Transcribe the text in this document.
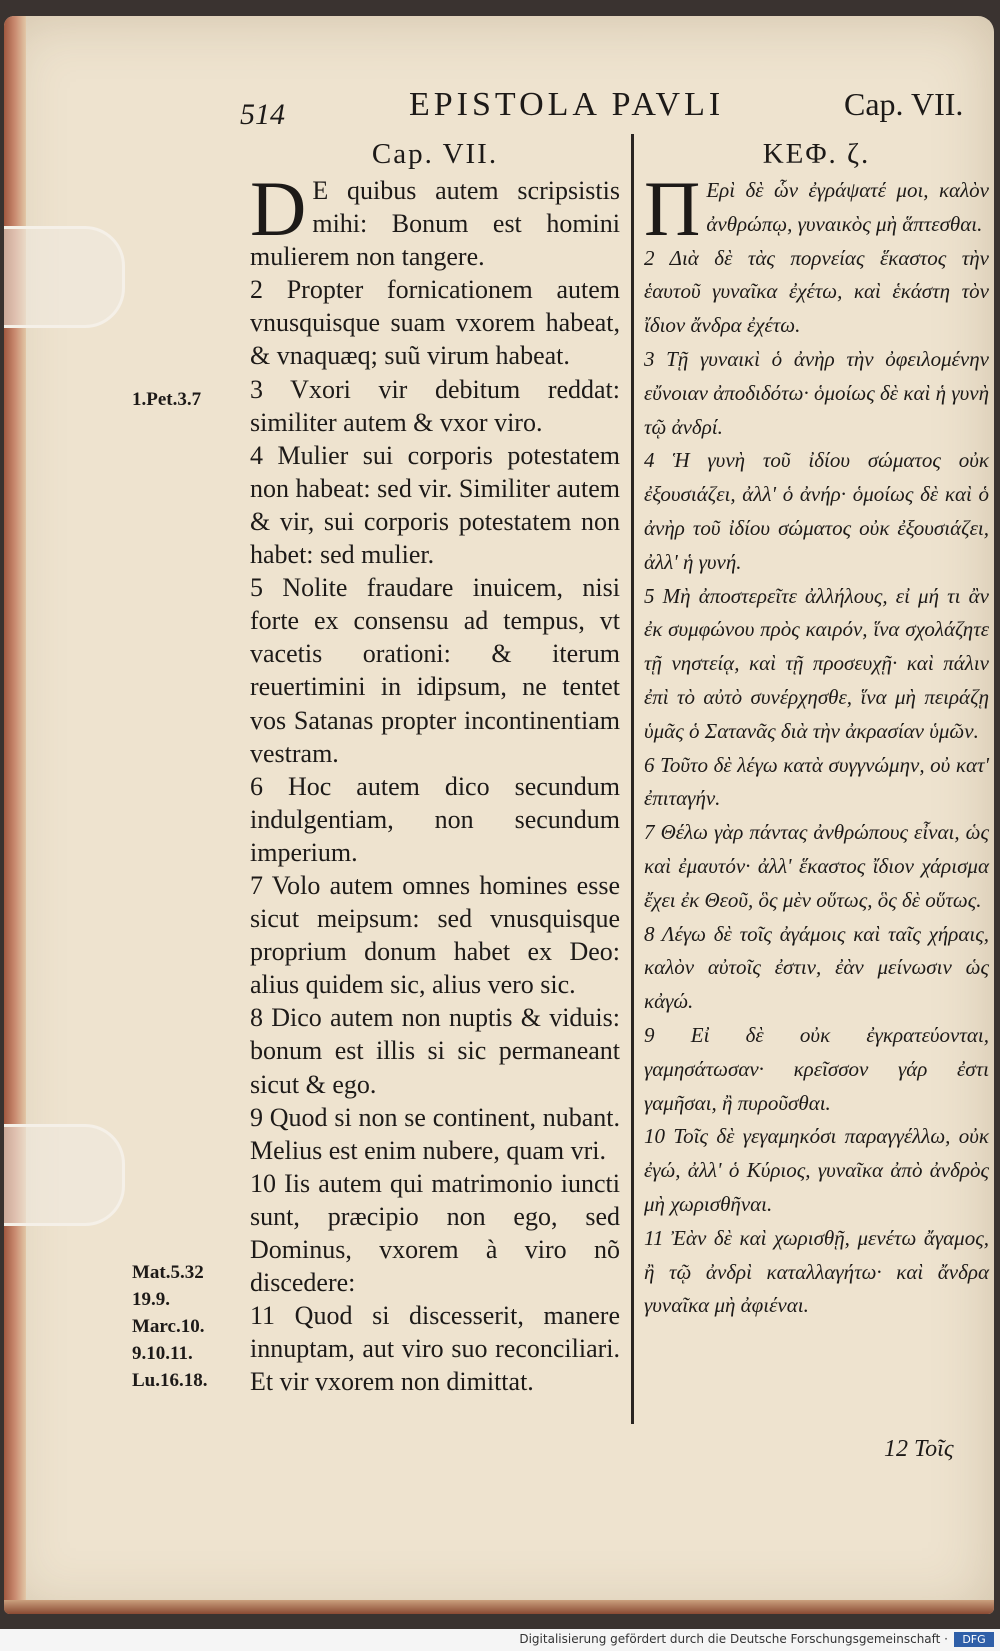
514	EPISTOLA PAVLI	Cap. VII.
Cap. VII.

D E quibus autem scripsistis mihi: Bonum est homini mulierem non tangere.

2 Propter fornicationem autem vnusquisque suam vxorem habeat, & vnaquæq; suũ virum habeat.

3 Vxori vir debitum reddat: similiter autem & vxor viro.

4 Mulier sui corporis potestatem non habeat: sed vir. Similiter autem & vir, sui corporis potestatem non habet: sed mulier.

5 Nolite fraudare inuicem, nisi forte ex consensu ad tempus, vt vacetis orationi: & iterum reuertimini in idipsum, ne tentet vos Satanas propter incontinentiam vestram.

6 Hoc autem dico secundum indulgentiam, non secundum imperium.

7 Volo autem omnes homines esse sicut meipsum: sed vnusquisque proprium donum habet ex Deo: alius quidem sic, alius vero sic.

8 Dico autem non nuptis & viduis: bonum est illis si sic permaneant sicut & ego.

9 Quod si non se continent, nubant. Melius est enim nubere, quam vri.

10 Iis autem qui matrimonio iuncti sunt, præcipio non ego, sed Dominus, vxorem à viro nõ discedere:

11 Quod si discesserit, manere innuptam, aut viro suo reconciliari. Et vir vxorem non dimittat.

ΚΕΦ. ζ.

Π Ερὶ δὲ ὧν ἐγράψατέ μοι, καλὸν ἀνθρώπῳ, γυναικὸς μὴ ἅπτεσθαι.

2 Διὰ δὲ τὰς πορνείας ἕκαστος τὴν ἑαυτοῦ γυναῖκα ἐχέτω, καὶ ἑκάστη τὸν ἴδιον ἄνδρα ἐχέτω.

3 Τῇ γυναικὶ ὁ ἀνὴρ τὴν ὀφειλομένην εὔνοιαν ἀποδιδότω· ὁμοίως δὲ καὶ ἡ γυνὴ τῷ ἀνδρί.

4 Ἡ γυνὴ τοῦ ἰδίου σώματος οὐκ ἐξουσιάζει, ἀλλ' ὁ ἀνήρ· ὁμοίως δὲ καὶ ὁ ἀνὴρ τοῦ ἰδίου σώματος οὐκ ἐξουσιάζει, ἀλλ' ἡ γυνή.

5 Μὴ ἀποστερεῖτε ἀλλήλους, εἰ μή τι ἂν ἐκ συμφώνου πρὸς καιρόν, ἵνα σχολάζητε τῇ νηστείᾳ, καὶ τῇ προσευχῇ· καὶ πάλιν ἐπὶ τὸ αὐτὸ συνέρχησθε, ἵνα μὴ πειράζῃ ὑμᾶς ὁ Σατανᾶς διὰ τὴν ἀκρασίαν ὑμῶν.

6 Τοῦτο δὲ λέγω κατὰ συγγνώμην, οὐ κατ' ἐπιταγήν.

7 Θέλω γὰρ πάντας ἀνθρώπους εἶναι, ὡς καὶ ἐμαυτόν· ἀλλ' ἕκαστος ἴδιον χάρισμα ἔχει ἐκ Θεοῦ, ὃς μὲν οὕτως, ὃς δὲ οὕτως.

8 Λέγω δὲ τοῖς ἀγάμοις καὶ ταῖς χήραις, καλὸν αὐτοῖς ἐστιν, ἐὰν μείνωσιν ὡς κἀγώ.

9 Εἰ δὲ οὐκ ἐγκρατεύονται, γαμησάτωσαν· κρεῖσσον γάρ ἐστι γαμῆσαι, ἢ πυροῦσθαι.

10 Τοῖς δὲ γεγαμηκόσι παραγγέλλω, οὐκ ἐγώ, ἀλλ' ὁ Κύριος, γυναῖκα ἀπὸ ἀνδρὸς μὴ χωρισθῆναι.

11 Ἐὰν δὲ καὶ χωρισθῇ, μενέτω ἄγαμος, ἢ τῷ ἀνδρὶ καταλλαγήτω· καὶ ἄνδρα γυναῖκα μὴ ἀφιέναι.

1.Pet.3.7
Mat.5.32
19.9.
Marc.10.
9.10.11.
Lu.16.18.
12 Τοῖς
Digitalisierung gefördert durch die Deutsche Forschungsgemeinschaft ·	DFG
